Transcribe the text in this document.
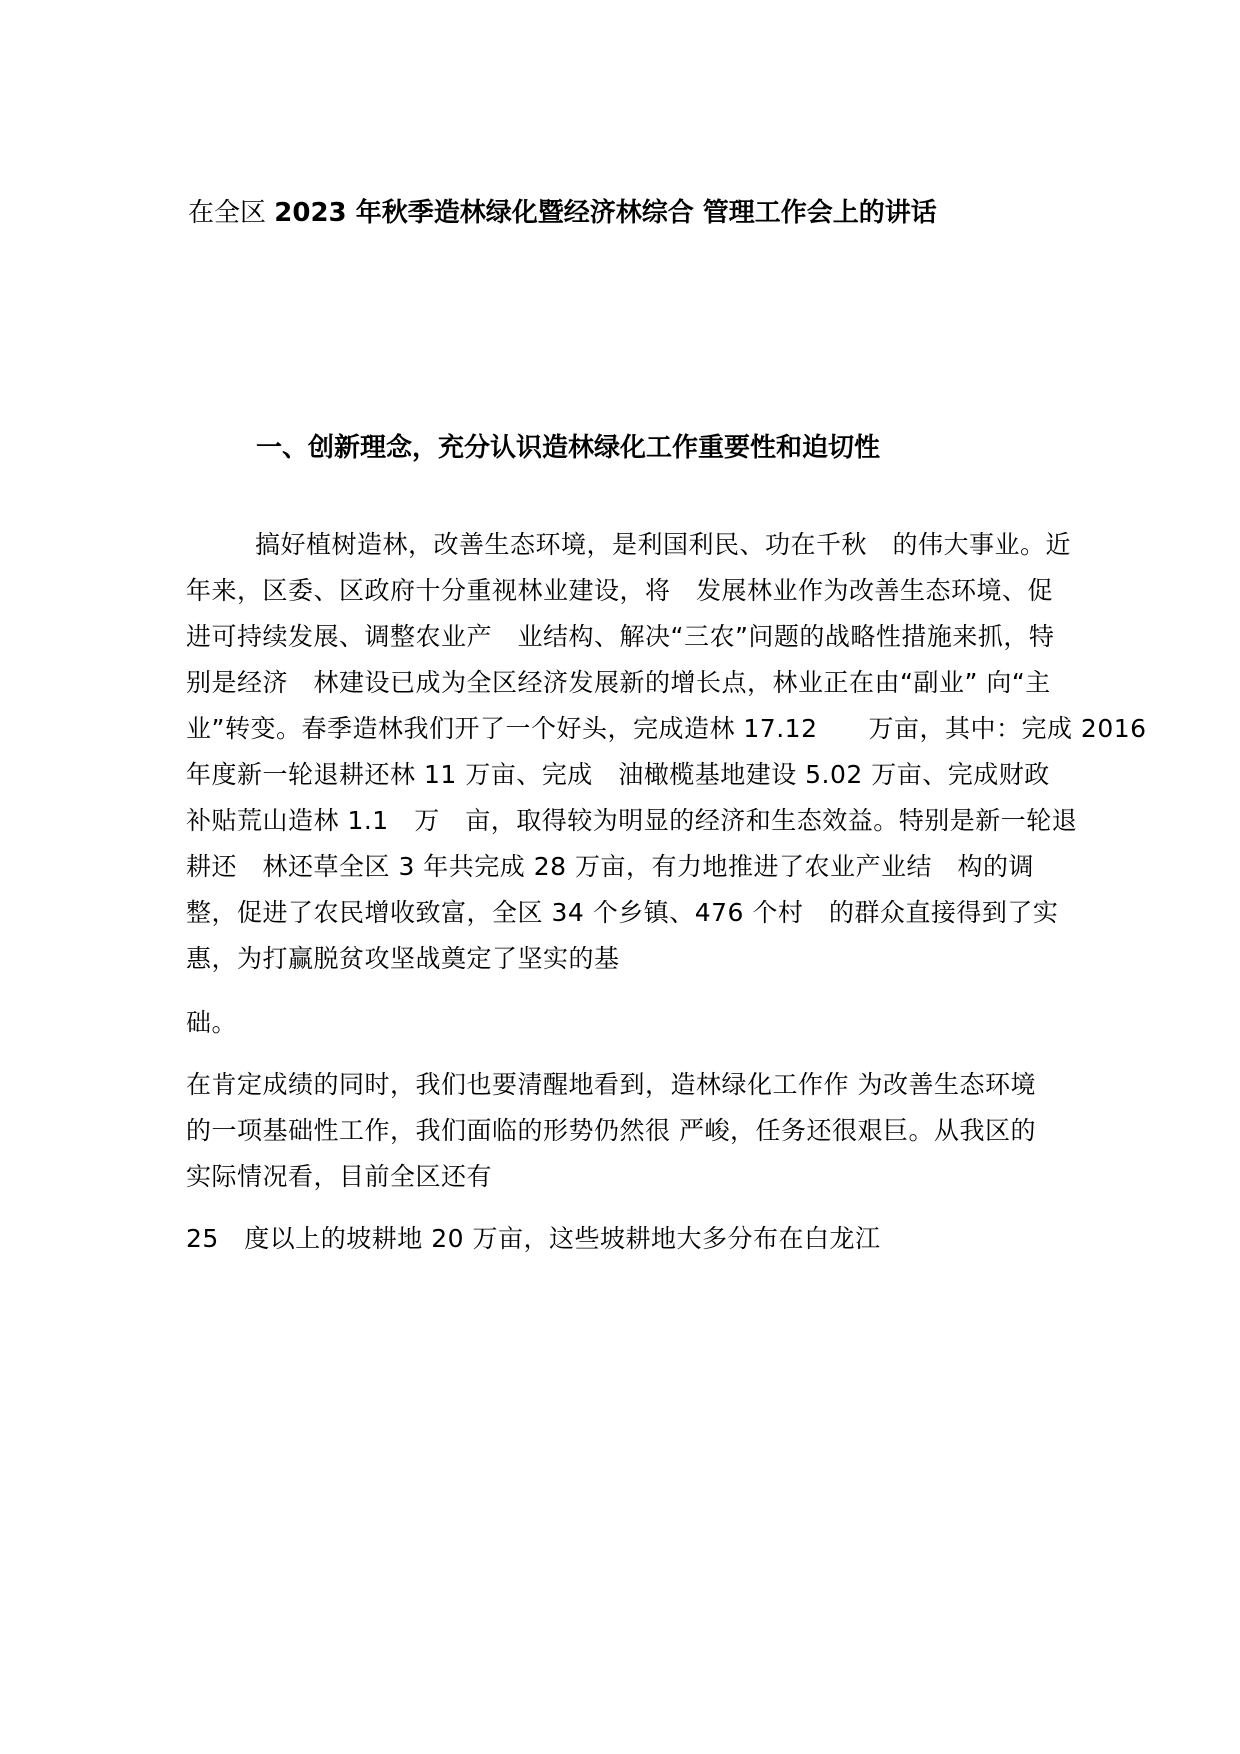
在全区 2023 年秋季造林绿化暨经济林综合 管理工作会上的讲话
一、创新理念，充分认识造林绿化工作重要性和迫切性
搞好植树造林，改善生态环境，是利国利民、功在千秋　的伟大事业。近
年来，区委、区政府十分重视林业建设，将　发展林业作为改善生态环境、促
进可持续发展、调整农业产　业结构、解决“三农”问题的战略性措施来抓，特
别是经济　林建设已成为全区经济发展新的增长点，林业正在由“副业” 向“主
业”转变。春季造林我们开了一个好头，完成造林 17.12　　万亩，其中：完成 2016
年度新一轮退耕还林 11 万亩、完成　油橄榄基地建设 5.02 万亩、完成财政
补贴荒山造林 1.1　万　亩，取得较为明显的经济和生态效益。特别是新一轮退
耕还　林还草全区 3 年共完成 28 万亩，有力地推进了农业产业结　构的调
整，促进了农民增收致富，全区 34 个乡镇、476 个村　的群众直接得到了实
惠，为打赢脱贫攻坚战奠定了坚实的基
础。
在肯定成绩的同时，我们也要清醒地看到，造林绿化工作作 为改善生态环境
的一项基础性工作，我们面临的形势仍然很 严峻，任务还很艰巨。从我区的
实际情况看，目前全区还有
25　度以上的坡耕地 20 万亩，这些坡耕地大多分布在白龙江
